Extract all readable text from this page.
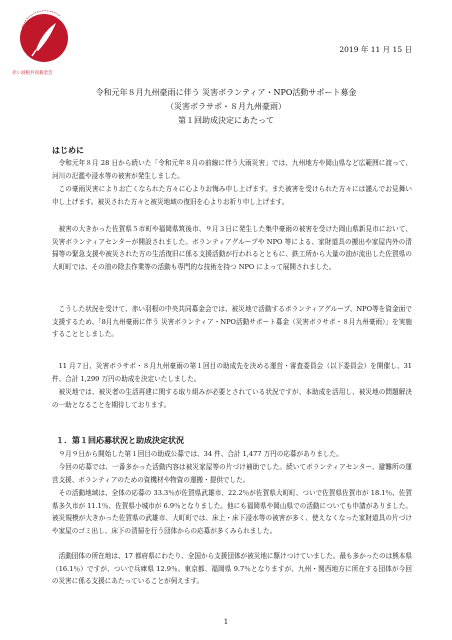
赤い羽根共同募金会
2019 年 11 月 15 日
令和元年８月九州豪雨に伴う 災害ボランティア・NPO活動サポート募金
（災害ボラサポ・８月九州豪雨）
第１回助成決定にあたって
はじめに
令和元年８月 28 日から続いた「令和元年８月の前線に伴う大雨災害」では、九州地方や岡山県など広範囲に渡って、河川の氾濫や浸水等の被害が発生しました。
この豪雨災害によりお亡くなられた方々に心よりお悔み申し上げます。また被害を受けられた方々には謹んでお見舞い申し上げます。被災された方々と被災地域の復旧を心よりお祈り申し上げます。
被害の大きかった佐賀県５市町や福岡県筑後市、９月３日に発生した集中豪雨の被害を受けた岡山県新見市において、災害ボランティアセンターが開設されました。ボランティアグループや NPO 等による、家財道具の搬出や家屋内外の清掃等の緊急支援や被災された方の生活復旧に係る支援活動が行われるとともに、鉄工所から大量の油が流出した佐賀県の大町町では、その油の除去作業等の活動も専門的な技術を持つ NPO によって展開されました。
こうした状況を受けて、赤い羽根の中央共同募金会では、被災地で活動するボランティアグループ、NPO等を資金面で支援するため、「8月九州豪雨に伴う 災害ボランティア・NPO活動サポート募金（災害ボラサポ・８月九州豪雨）」を実施することとしました。
11 月７日、災害ボラサポ・８月九州豪雨の第１回目の助成先を決める運営・審査委員会（以下委員会）を開催し、31 件、合計 1,299 万円の助成を決定いたしました。
被災地では、被災者の生活再建に関する取り組みが必要とされている状況ですが、本助成を活用し、被災地の問題解決の一助となることを期待しております。
１．第１回応募状況と助成決定状況
９月９日から開始した第１回目の助成公募では、34 件、合計 1,477 万円の応募がありました。
今回の応募では、一番多かった活動内容は被災家屋等の片づけ補助でした。続いてボランティアセンター、避難所の運営支援、ボランティアのための資機材や物資の運搬・提供でした。
その活動地域は、全体の応募の 33.3％が佐賀県武雄市、22.2％が佐賀県大町町、ついで佐賀県佐賀市が 18.1％、佐賀県多久市が 11.1％、佐賀県小城市が 6.9％となりました。他にも福岡県や岡山県での活動についても申請がありました。被災規模が大きかった佐賀県の武雄市、大町町では、床上・床下浸水等の被害が多く、使えなくなった家財道具の片づけや家屋のゴミ出し、床下の清掃を行う団体からの応募が多くみられました。
活動団体の所在地は、17 都府県にわたり、全国から支援団体が被災地に駆けつけていました。最も多かったのは熊本県（16.1％）ですが、ついで兵庫県 12.9％、東京都、福岡県 9.7％となりますが、九州・関西地方に所在する団体が今回の災害に係る支援にあたっていることが伺えます。
1
